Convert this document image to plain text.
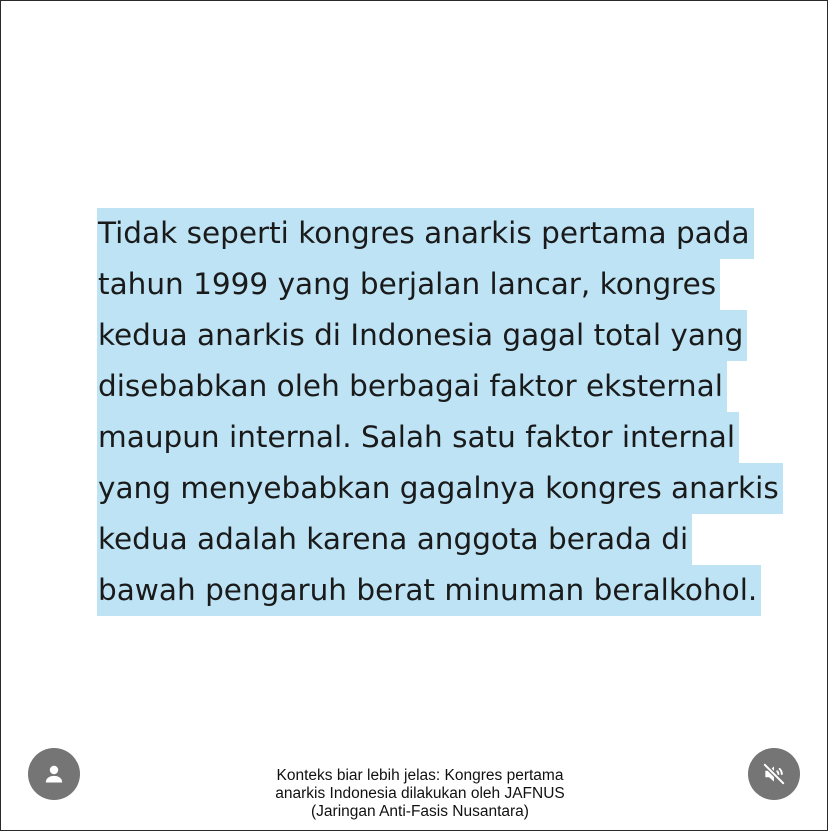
Tidak seperti kongres anarkis pertama pada
tahun 1999 yang berjalan lancar, kongres
kedua anarkis di Indonesia gagal total yang
disebabkan oleh berbagai faktor eksternal
maupun internal. Salah satu faktor internal
yang menyebabkan gagalnya kongres anarkis
kedua adalah karena anggota berada di
bawah pengaruh berat minuman beralkohol.
Konteks biar lebih jelas: Kongres pertama
anarkis Indonesia dilakukan oleh JAFNUS
(Jaringan Anti-Fasis Nusantara)
